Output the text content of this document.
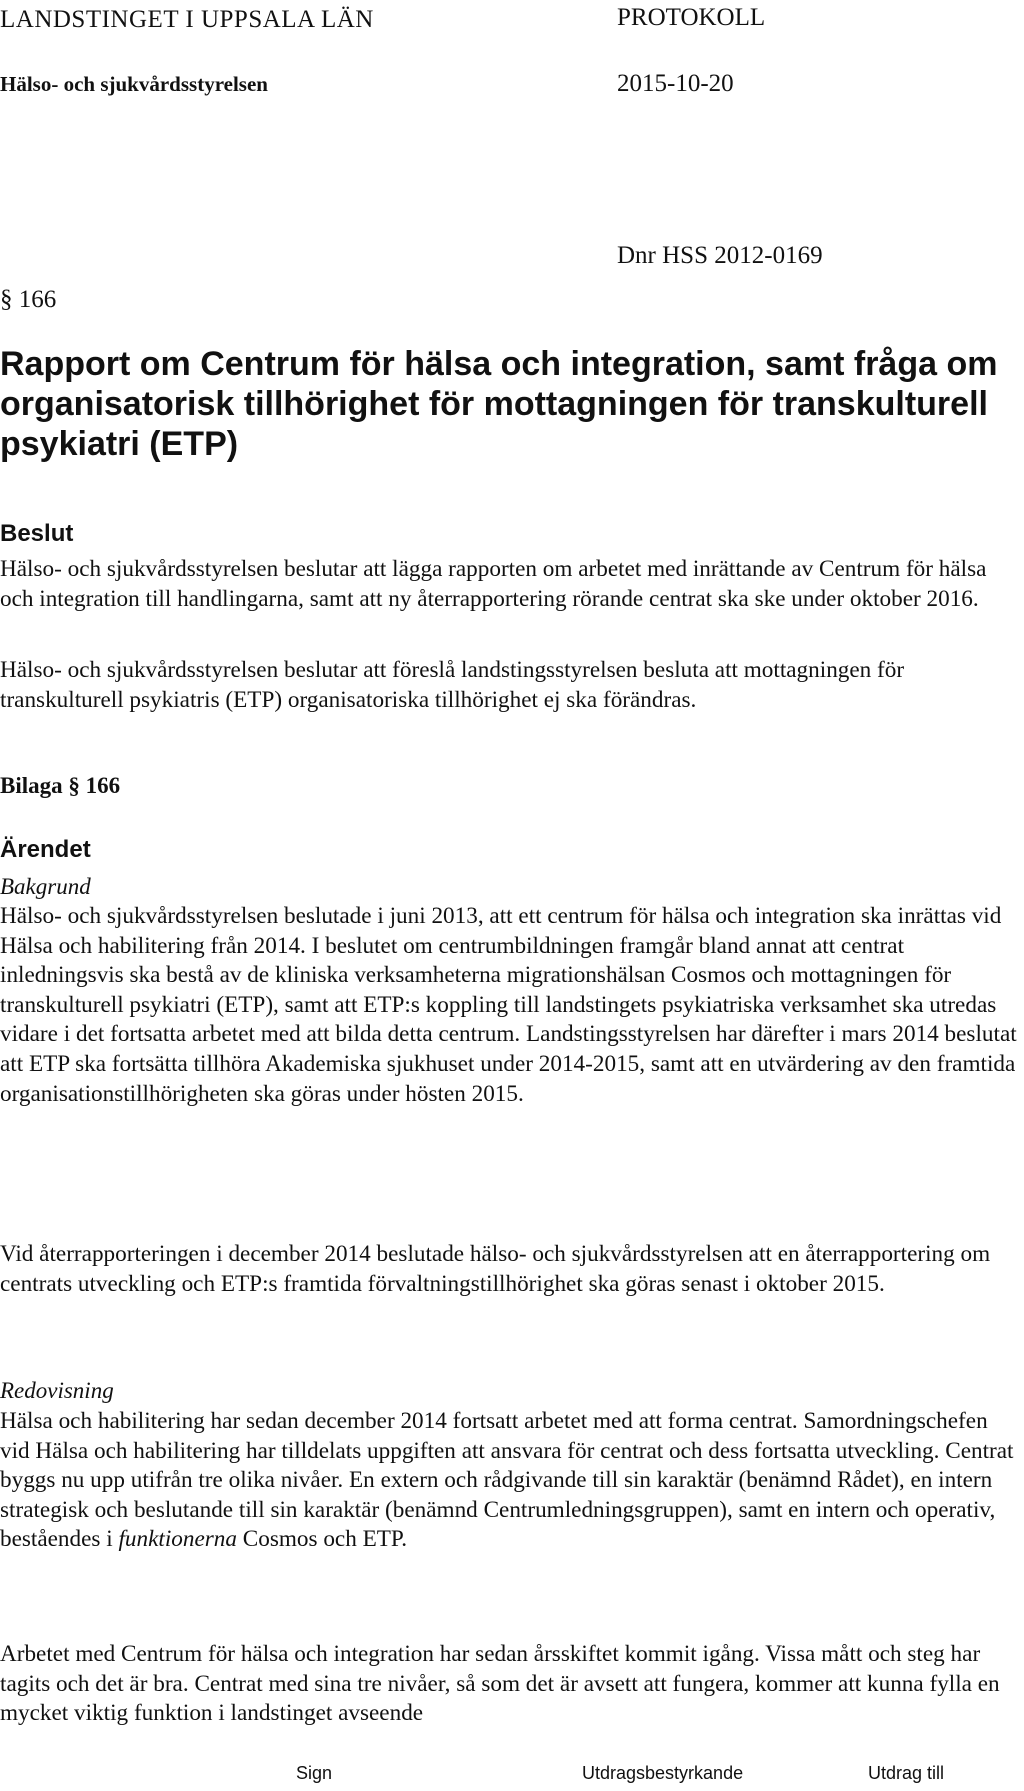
LANDSTINGET I UPPSALA LÄN	PROTOKOLL
Hälso- och sjukvårdsstyrelsen	2015-10-20
Dnr HSS 2012-0169
§ 166
Rapport om Centrum för hälsa och integration, samt fråga om organisatorisk tillhörighet för mottagningen för transkulturell psykiatri (ETP)
Beslut

Hälso- och sjukvårdsstyrelsen beslutar att lägga rapporten om arbetet med inrättande av Centrum för hälsa och integration till handlingarna, samt att ny återrapportering rörande centrat ska ske under oktober 2016.

Hälso- och sjukvårdsstyrelsen beslutar att föreslå landstingsstyrelsen besluta att mottagningen för transkulturell psykiatris (ETP) organisatoriska tillhörighet ej ska förändras.

Bilaga § 166
Ärendet
Bakgrund

Hälso- och sjukvårdsstyrelsen beslutade i juni 2013, att ett centrum för hälsa och integration ska inrättas vid Hälsa och habilitering från 2014. I beslutet om centrumbildningen framgår bland annat att centrat inledningsvis ska bestå av de kliniska verksamheterna migrationshälsan Cosmos och mottagningen för transkulturell psykiatri (ETP), samt att ETP:s koppling till landstingets psykiatriska verksamhet ska utredas vidare i det fortsatta arbetet med att bilda detta centrum. Landstingsstyrelsen har därefter i mars 2014 beslutat att ETP ska fortsätta tillhöra Akademiska sjukhuset under 2014-2015, samt att en utvärdering av den framtida organisationstillhörigheten ska göras under hösten 2015.

Vid återrapporteringen i december 2014 beslutade hälso- och sjukvårdsstyrelsen att en återrapportering om centrats utveckling och ETP:s framtida förvaltningstillhörighet ska göras senast i oktober 2015.

Redovisning

Hälsa och habilitering har sedan december 2014 fortsatt arbetet med att forma centrat. Samordningschefen vid Hälsa och habilitering har tilldelats uppgiften att ansvara för centrat och dess fortsatta utveckling. Centrat byggs nu upp utifrån tre olika nivåer. En extern och rådgivande till sin karaktär (benämnd Rådet), en intern strategisk och beslutande till sin karaktär (benämnd Centrumledningsgruppen), samt en intern och operativ, beståendes i funktionerna Cosmos och ETP.

Arbetet med Centrum för hälsa och integration har sedan årsskiftet kommit igång. Vissa mått och steg har tagits och det är bra. Centrat med sina tre nivåer, så som det är avsett att fungera, kommer att kunna fylla en mycket viktig funktion i landstinget avseende

Sign	Utdragsbestyrkande	Utdrag till
